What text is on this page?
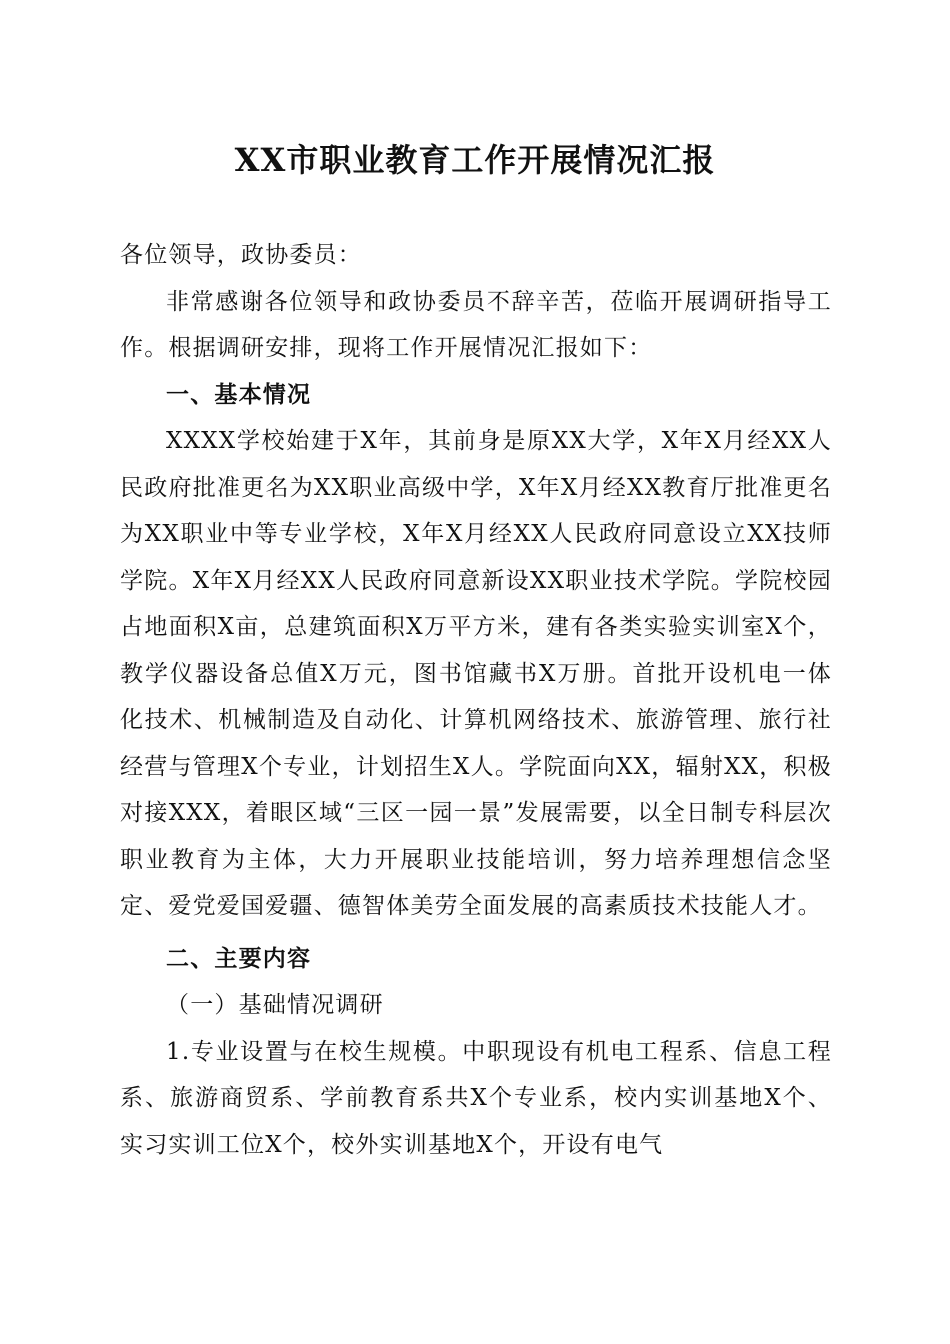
XX市职业教育工作开展情况汇报

各位领导，政协委员：

非常感谢各位领导和政协委员不辞辛苦，莅临开展调研指导工作。根据调研安排，现将工作开展情况汇报如下：

一、基本情况

XXXX学校始建于X年，其前身是原XX大学，X年X月经XX人民政府批准更名为XX职业高级中学，X年X月经XX教育厅批准更名为XX职业中等专业学校，X年X月经XX人民政府同意设立XX技师学院。X年X月经XX人民政府同意新设XX职业技术学院。学院校园占地面积X亩，总建筑面积X万平方米，建有各类实验实训室X个，教学仪器设备总值X万元，图书馆藏书X万册。首批开设机电一体化技术、机械制造及自动化、计算机网络技术、旅游管理、旅行社经营与管理X个专业，计划招生X人。学院面向XX，辐射XX，积极对接XXX，着眼区域“三区一园一景”发展需要，以全日制专科层次职业教育为主体，大力开展职业技能培训，努力培养理想信念坚定、爱党爱国爱疆、德智体美劳全面发展的高素质技术技能人才。

二、主要内容

（一）基础情况调研

1.专业设置与在校生规模。中职现设有机电工程系、信息工程系、旅游商贸系、学前教育系共X个专业系，校内实训基地X个、实习实训工位X个，校外实训基地X个，开设有电气
